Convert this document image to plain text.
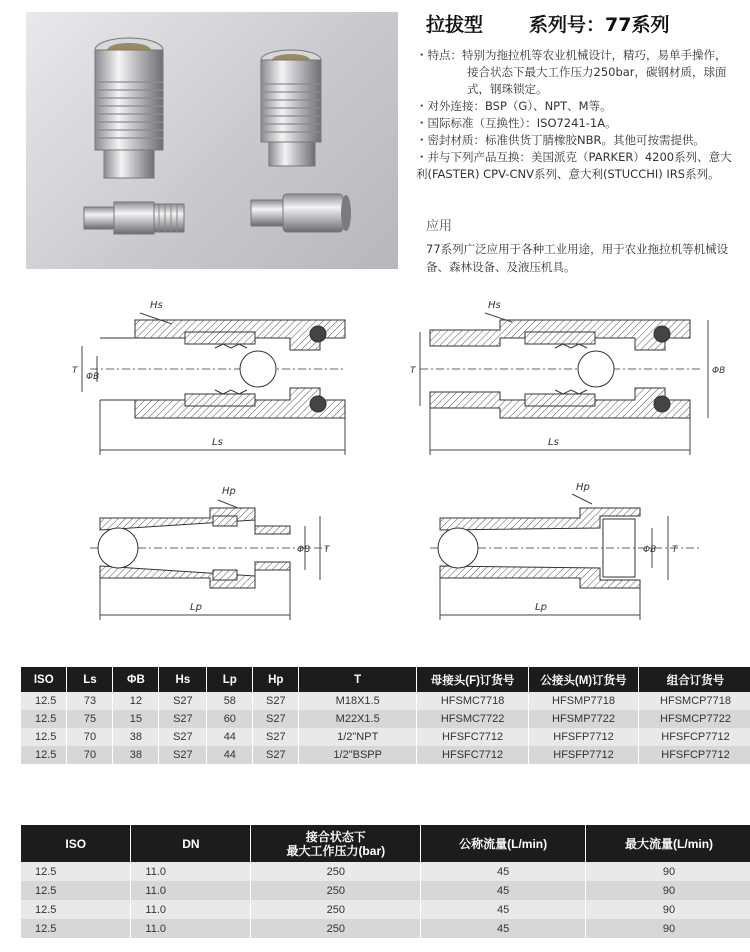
拉拔型 系列号：77系列

・特点：特别为拖拉机等农业机械设计，精巧，易单手操作，

接合状态下最大工作压力250bar，碳钢材质，球面

式，钢珠锁定。

・对外连接：BSP（G）、NPT、M等。

・国际标准（互换性）：ISO7241-1A。

・密封材质：标准供货丁腈橡胶NBR。其他可按需提供。

・并与下列产品互换：美国派克（PARKER）4200系列、意大

利(FASTER) CPV-CNV系列、意大利(STUCCHI) IRS系列。

应用
77系列广泛应用于各种工业用途，用于农业拖拉机等机械设备、森林设备、及液压机具。
Ls
Hs
T
ΦB
Ls
Hs
T	ΦB
Lp
Hp
ΦB T
Lp
Hp
ΦB T
ISO	Ls	ΦB	Hs	Lp	Hp	T	母接头(F)订货号	公接头(M)订货号	组合订货号
12.5	73	12	S27	58	S27	M18X1.5	HFSMC7718	HFSMP7718	HFSMCP7718
12.5	75	15	S27	60	S27	M22X1.5	HFSMC7722	HFSMP7722	HFSMCP7722
12.5	70	38	S27	44	S27	1/2"NPT	HFSFC7712	HFSFP7712	HFSFCP7712
12.5	70	38	S27	44	S27	1/2"BSPP	HFSFC7712	HFSFP7712	HFSFCP7712
ISO	DN	接合状态下
最大工作压力(bar)	公称流量(L/min)	最大流量(L/min)
12.5	11.0	250	45	90
12.5	11.0	250	45	90
12.5	11.0	250	45	90
12.5	11.0	250	45	90
